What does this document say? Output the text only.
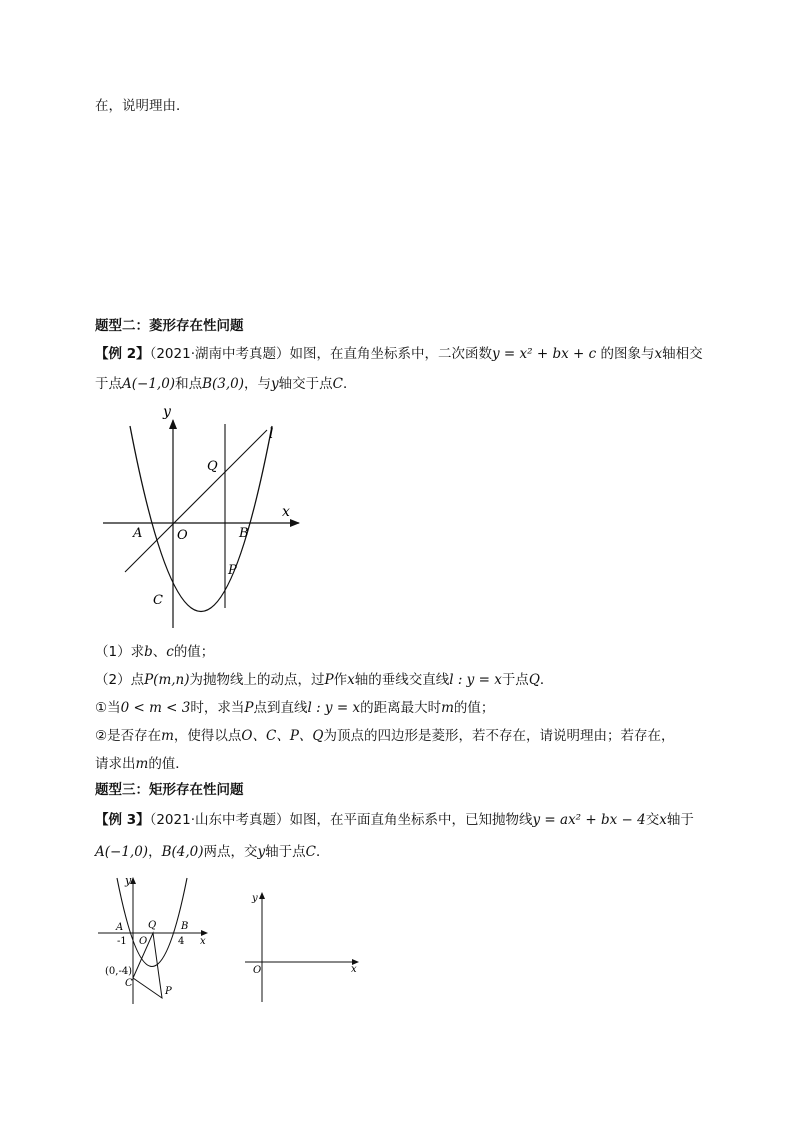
在，说明理由．
题型二：菱形存在性问题
【例 2】（2021·湖南中考真题）如图，在直角坐标系中，二次函数y = x² + bx + c 的图象与x轴相交
于点A(−1,0)和点B(3,0)，与y轴交于点C．
y
l
Q
x
A	O	B
P
C
（1）求b、c的值；
（2）点P(m,n)为抛物线上的动点，过P作x轴的垂线交直线l : y = x于点Q．
①当0 < m < 3时，求当P点到直线l : y = x的距离最大时m的值；
②是否存在m，使得以点O、C、P、Q为顶点的四边形是菱形，若不存在，请说明理由；若存在，
请求出m的值．
题型三：矩形存在性问题
【例 3】（2021·山东中考真题）如图，在平面直角坐标系中，已知抛物线y = ax² + bx − 4交x轴于
A(−1,0)，B(4,0)两点，交y轴于点C．
y
A Q B
-1 O	4 x
(0,-4)
C
P
y
O	x
